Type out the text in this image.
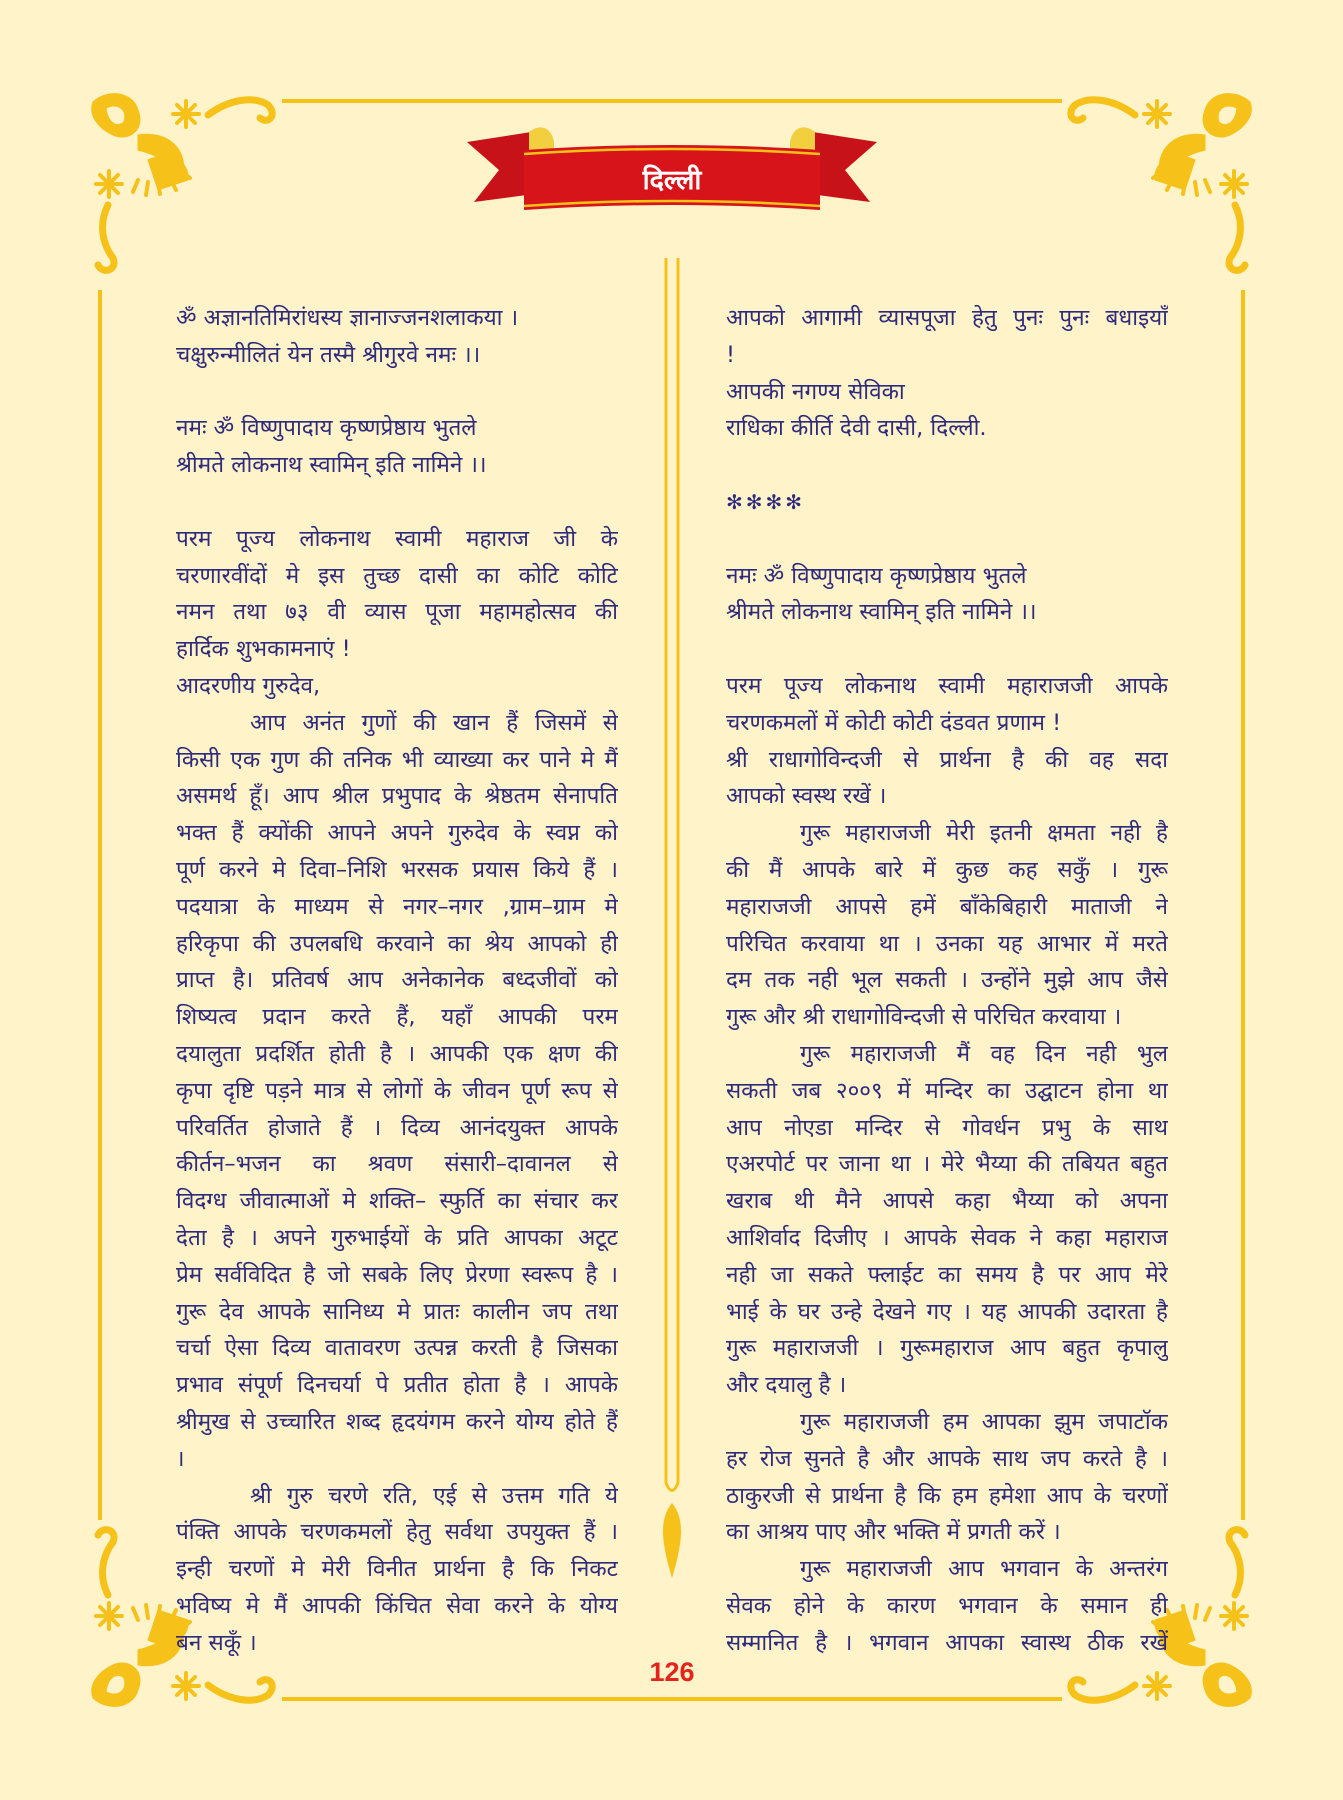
दिल्ली
ॐ अज्ञानतिमिरांधस्य ज्ञानाज्जनशलाकया ।
चक्षुरुन्मीलितं येन तस्मै श्रीगुरवे नमः ।।
नमः ॐ विष्णुपादाय कृष्णप्रेष्ठाय भुतले
श्रीमते लोकनाथ स्वामिन् इति नामिने ।।
परम पूज्य लोकनाथ स्वामी महाराज जी के
चरणारवींदों मे इस तुच्छ दासी का कोटि कोटि
नमन तथा ७३ वी व्यास पूजा महामहोत्सव की
हार्दिक शुभकामनाएं !
आदरणीय गुरुदेव,
आप अनंत गुणों की खान हैं जिसमें से
किसी एक गुण की तनिक भी व्याख्या कर पाने मे मैं
असमर्थ हूँ। आप श्रील प्रभुपाद के श्रेष्ठतम सेनापति
भक्त हैं क्योंकी आपने अपने गुरुदेव के स्वप्न को
पूर्ण करने मे दिवा–निशि भरसक प्रयास किये हैं ।
पदयात्रा के माध्यम से नगर–नगर ,ग्राम–ग्राम मे
हरिकृपा की उपलबधि करवाने का श्रेय आपको ही
प्राप्त है। प्रतिवर्ष आप अनेकानेक बध्दजीवों को
शिष्यत्व प्रदान करते हैं, यहाँ आपकी परम
दयालुता प्रदर्शित होती है । आपकी एक क्षण की
कृपा दृष्टि पड़ने मात्र से लोगों के जीवन पूर्ण रूप से
परिवर्तित होजाते हैं । दिव्य आनंदयुक्त आपके
कीर्तन–भजन का श्रवण संसारी–दावानल से
विदग्ध जीवात्माओं मे शक्ति– स्फुर्ति का संचार कर
देता है । अपने गुरुभाईयों के प्रति आपका अटूट
प्रेम सर्वविदित है जो सबके लिए प्रेरणा स्वरूप है ।
गुरू देव आपके सानिध्य मे प्रातः कालीन जप तथा
चर्चा ऐसा दिव्य वातावरण उत्पन्न करती है जिसका
प्रभाव संपूर्ण दिनचर्या पे प्रतीत होता है । आपके
श्रीमुख से उच्चारित शब्द हृदयंगम करने योग्य होते हैं
।
श्री गुरु चरणे रति, एई से उत्तम गति ये
पंक्ति आपके चरणकमलों हेतु सर्वथा उपयुक्त हैं ।
इन्ही चरणों मे मेरी विनीत प्रार्थना है कि निकट
भविष्य मे मैं आपकी किंचित सेवा करने के योग्य
बन सकूँ ।
आपको आगामी व्यासपूजा हेतु पुनः पुनः बधाइयाँ
!
आपकी नगण्य सेविका
राधिका कीर्ति देवी दासी, दिल्ली.
✻✻✻✻
नमः ॐ विष्णुपादाय कृष्णप्रेष्ठाय भुतले
श्रीमते लोकनाथ स्वामिन् इति नामिने ।।
परम पूज्य लोकनाथ स्वामी महाराजजी आपके
चरणकमलों में कोटी कोटी दंडवत प्रणाम !
श्री राधागोविन्दजी से प्रार्थना है की वह सदा
आपको स्वस्थ रखें ।
गुरू महाराजजी मेरी इतनी क्षमता नही है
की मैं आपके बारे में कुछ कह सकुँ । गुरू
महाराजजी आपसे हमें बाँकेबिहारी माताजी ने
परिचित करवाया था । उनका यह आभार में मरते
दम तक नही भूल सकती । उन्होंने मुझे आप जैसे
गुरू और श्री राधागोविन्दजी से परिचित करवाया ।
गुरू महाराजजी मैं वह दिन नही भुल
सकती जब २००९ में मन्दिर का उद्घाटन होना था
आप नोएडा मन्दिर से गोवर्धन प्रभु के साथ
एअरपोर्ट पर जाना था । मेरे भैय्या की तबियत बहुत
खराब थी मैने आपसे कहा भैय्या को अपना
आशिर्वाद दिजीए । आपके सेवक ने कहा महाराज
नही जा सकते फ्लाईट का समय है पर आप मेरे
भाई के घर उन्हे देखने गए । यह आपकी उदारता है
गुरू महाराजजी । गुरूमहाराज आप बहुत कृपालु
और दयालु है ।
गुरू महाराजजी हम आपका झुम जपाटॉक
हर रोज सुनते है और आपके साथ जप करते है ।
ठाकुरजी से प्रार्थना है कि हम हमेशा आप के चरणों
का आश्रय पाए और भक्ति में प्रगती करें ।
गुरू महाराजजी आप भगवान के अन्तरंग
सेवक होने के कारण भगवान के समान ही
सम्मानित है । भगवान आपका स्वास्थ ठीक रखें
126
